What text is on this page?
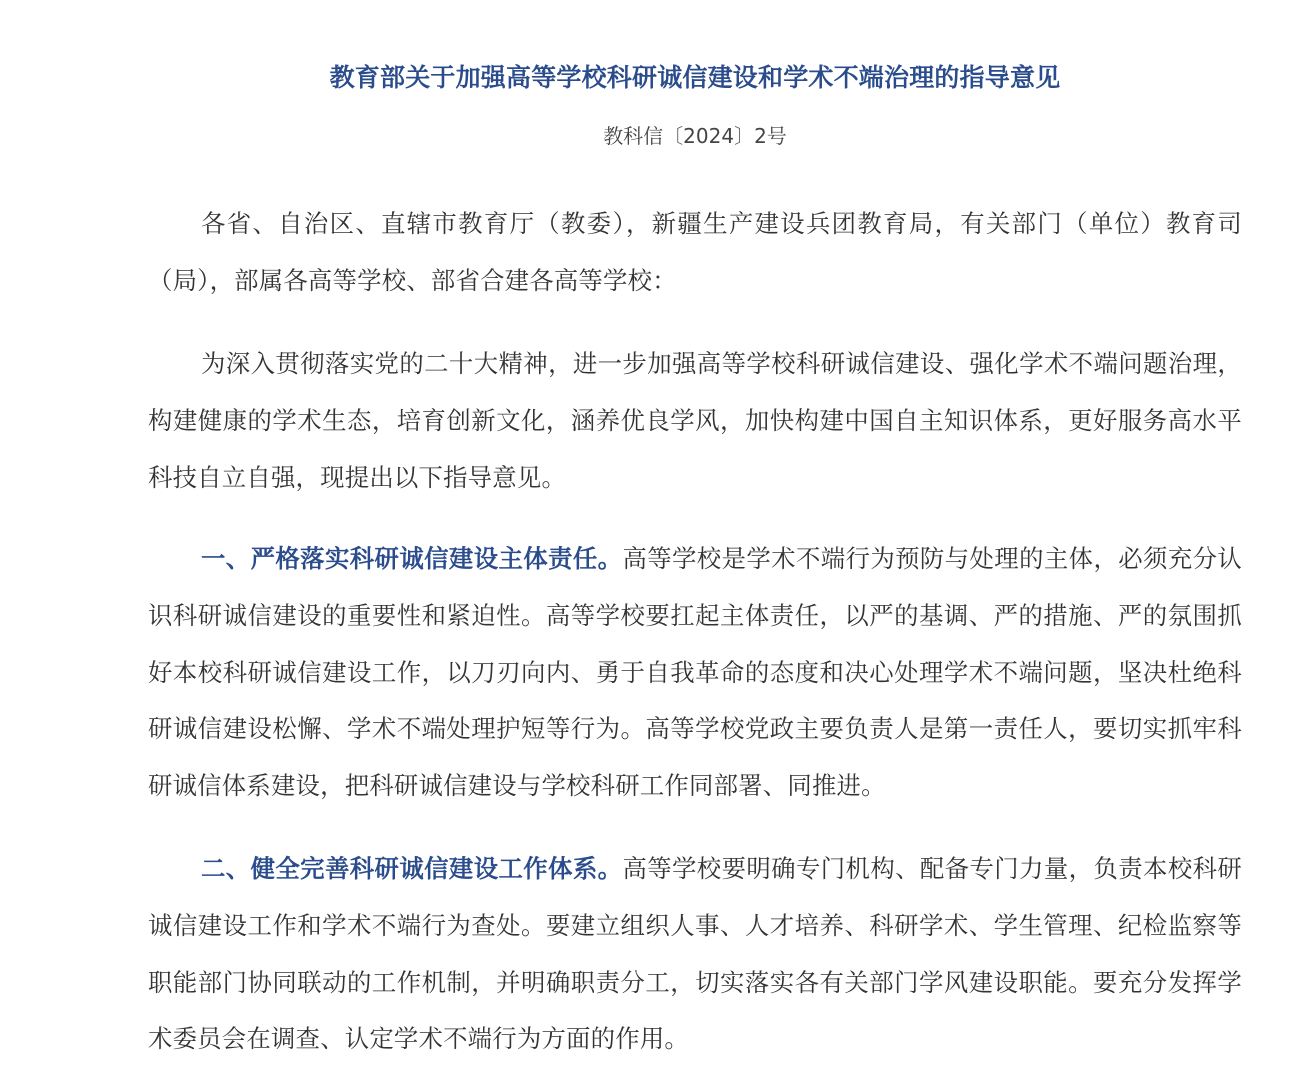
教育部关于加强高等学校科研诚信建设和学术不端治理的指导意见
教科信〔2024〕2号

各省、自治区、直辖市教育厅（教委），新疆生产建设兵团教育局，有关部门（单位）教育司（局），部属各高等学校、部省合建各高等学校：

为深入贯彻落实党的二十大精神，进一步加强高等学校科研诚信建设、强化学术不端问题治理，构建健康的学术生态，培育创新文化，涵养优良学风，加快构建中国自主知识体系，更好服务高水平科技自立自强，现提出以下指导意见。

一、严格落实科研诚信建设主体责任。高等学校是学术不端行为预防与处理的主体，必须充分认识科研诚信建设的重要性和紧迫性。高等学校要扛起主体责任，以严的基调、严的措施、严的氛围抓好本校科研诚信建设工作，以刀刃向内、勇于自我革命的态度和决心处理学术不端问题，坚决杜绝科研诚信建设松懈、学术不端处理护短等行为。高等学校党政主要负责人是第一责任人，要切实抓牢科研诚信体系建设，把科研诚信建设与学校科研工作同部署、同推进。

二、健全完善科研诚信建设工作体系。高等学校要明确专门机构、配备专门力量，负责本校科研诚信建设工作和学术不端行为查处。要建立组织人事、人才培养、科研学术、学生管理、纪检监察等职能部门协同联动的工作机制，并明确职责分工，切实落实各有关部门学风建设职能。要充分发挥学术委员会在调查、认定学术不端行为方面的作用。
